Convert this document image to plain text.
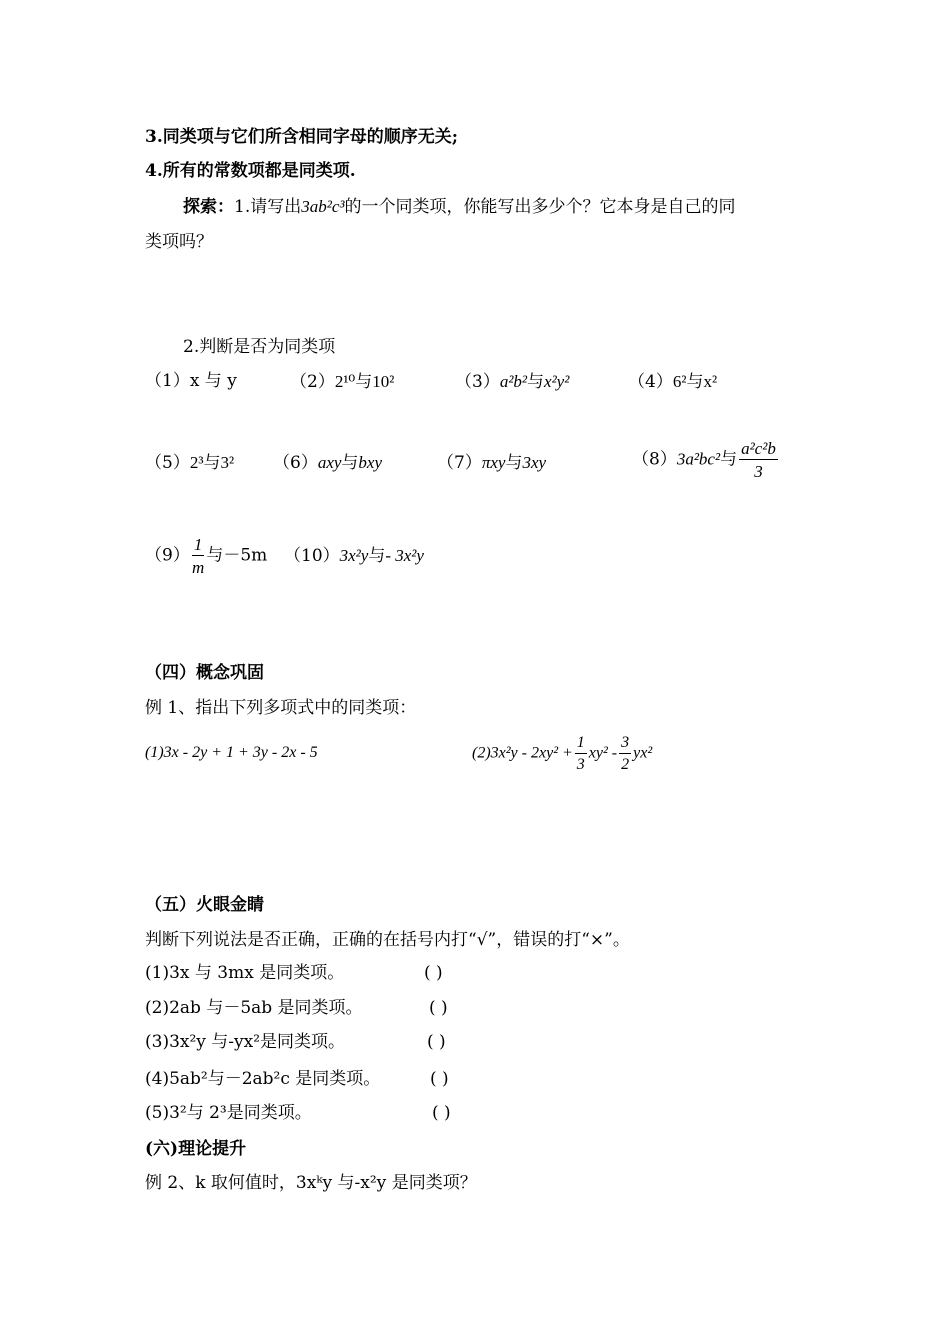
3.同类项与它们所含相同字母的顺序无关;
4.所有的常数项都是同类项.
探索：1.请写出3ab²c³的一个同类项，你能写出多少个？它本身是自己的同
类项吗？
2.判断是否为同类项
（1）x 与 y	（2）2¹⁰与10²	（3）a²b²与x²y²	（4）6²与x²
（5）2³与3² （6）axy与bxy	（7）πxy与3xy	（8）3a²bc²与 $\frac{\text{a²c²b}}{3}$
$(9) \frac{1}{m}$ 与－5m （10）3x²y与- 3x²y
（四）概念巩固
例 1、指出下列多项式中的同类项：
(1)3x - 2y + 1 + 3y - 2x - 5	$(2)3x^2y - 2xy^2 + \frac{1}{3} xy^2 - \frac{3}{2} yx^2$
（五）火眼金睛
判断下列说法是否正确，正确的在括号内打“√”，错误的打“×”。
(1)3x 与 3mx 是同类项。	( )
(2)2ab 与－5ab 是同类项。	( )
(3)3x²y 与-yx²是同类项。	( )
(4)5ab²与－2ab²c 是同类项。	( )
(5)3²与 2³是同类项。	( )
(六)理论提升
例 2、k 取何值时，3xᵏy 与-x²y 是同类项？
